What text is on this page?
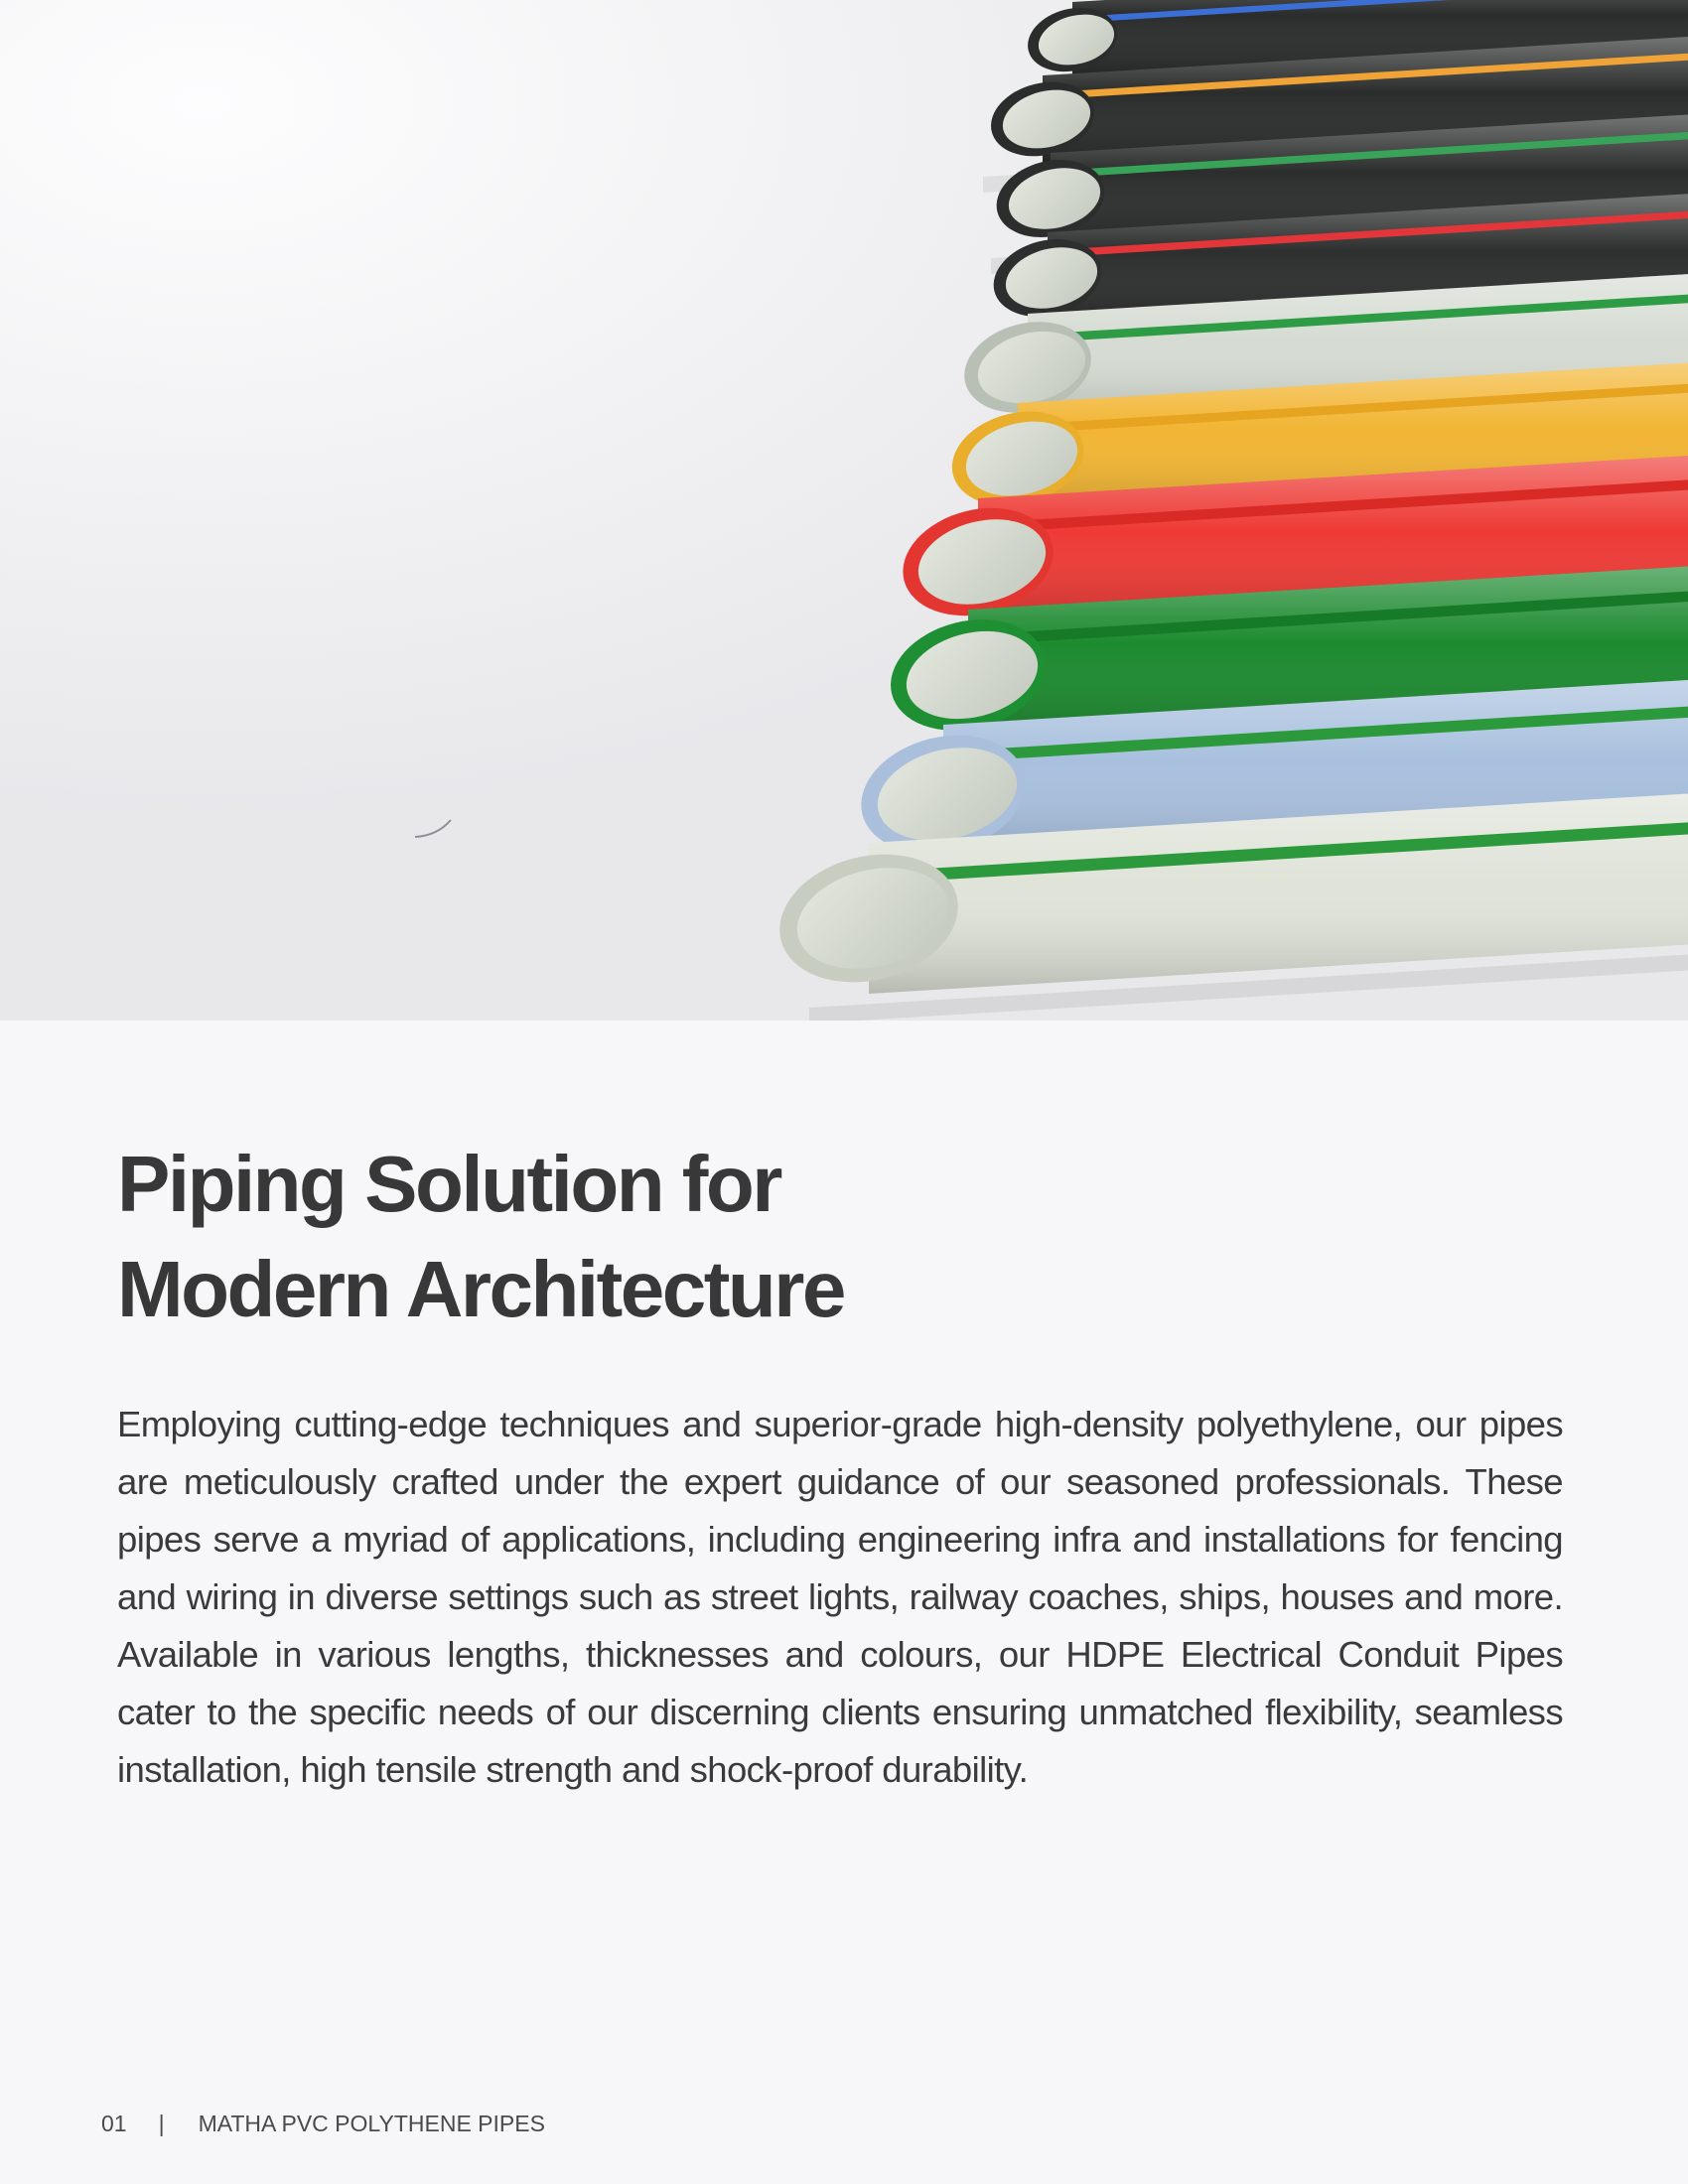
Piping Solution for
Modern Architecture

Employing cutting-edge techniques and superior-grade high-density polyethylene, our pipes are meticulously crafted under the expert guidance of our seasoned professionals. These pipes serve a myriad of applications, including engineering infra and installations for fencing and wiring in diverse settings such as street lights, railway coaches, ships, houses and more. Available in various lengths, thicknesses and colours, our HDPE Electrical Conduit Pipes cater to the specific needs of our discerning clients ensuring unmatched flexibility, seamless installation, high tensile strength and shock-proof durability.

01 | MATHA PVC POLYTHENE PIPES
